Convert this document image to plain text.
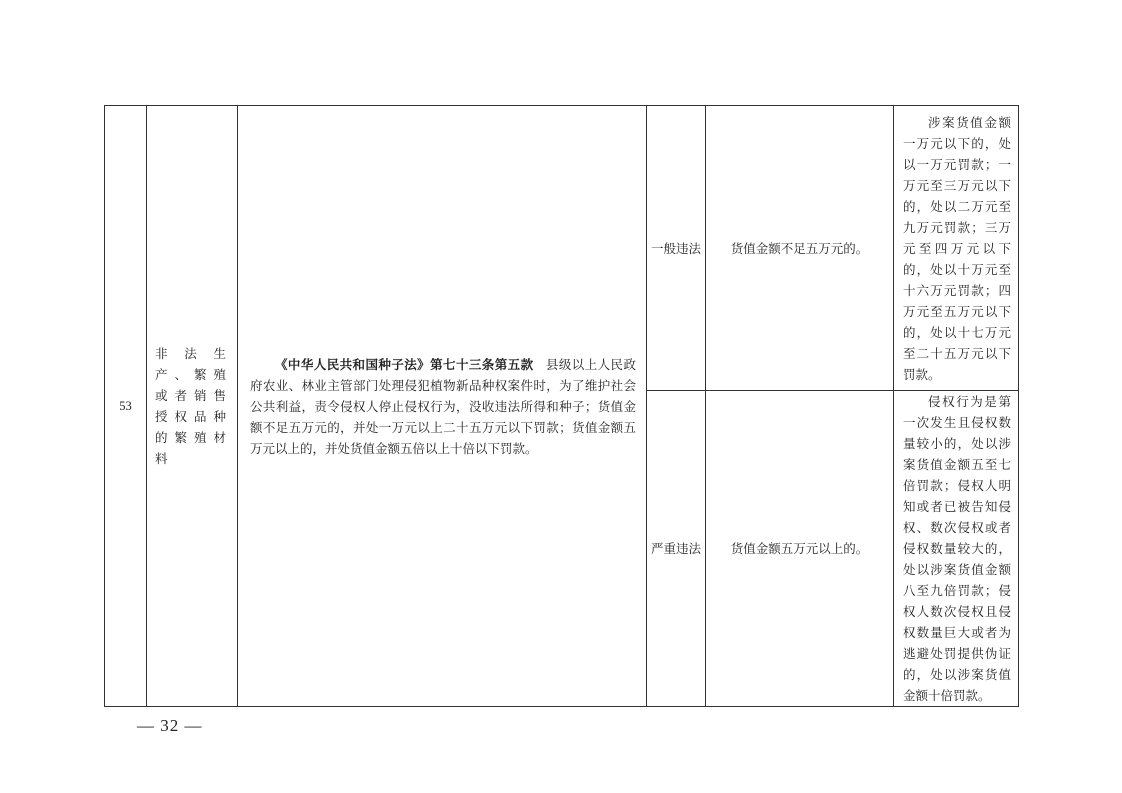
53	非法生产、繁殖或者销售授权品种的繁殖材料	《中华人民共和国种子法》第七十三条第五款 县级以上人民政府农业、林业主管部门处理侵犯植物新品种权案件时，为了维护社会公共利益，责令侵权人停止侵权行为，没收违法所得和种子；货值金额不足五万元的，并处一万元以上二十五万元以下罚款；货值金额五万元以上的，并处货值金额五倍以上十倍以下罚款。	一般违法	货值金额不足五万元的。	涉案货值金额一万元以下的，处以一万元罚款；一万元至三万元以下的，处以二万元至九万元罚款；三万元至四万元以下的，处以十万元至十六万元罚款；四万元至五万元以下的，处以十七万元至二十五万元以下罚款。

			严重违法	货值金额五万元以上的。	侵权行为是第一次发生且侵权数量较小的，处以涉案货值金额五至七倍罚款；侵权人明知或者已被告知侵权、数次侵权或者侵权数量较大的，处以涉案货值金额八至九倍罚款；侵权人数次侵权且侵权数量巨大或者为逃避处罚提供伪证的，处以涉案货值金额十倍罚款。
— 32 —
